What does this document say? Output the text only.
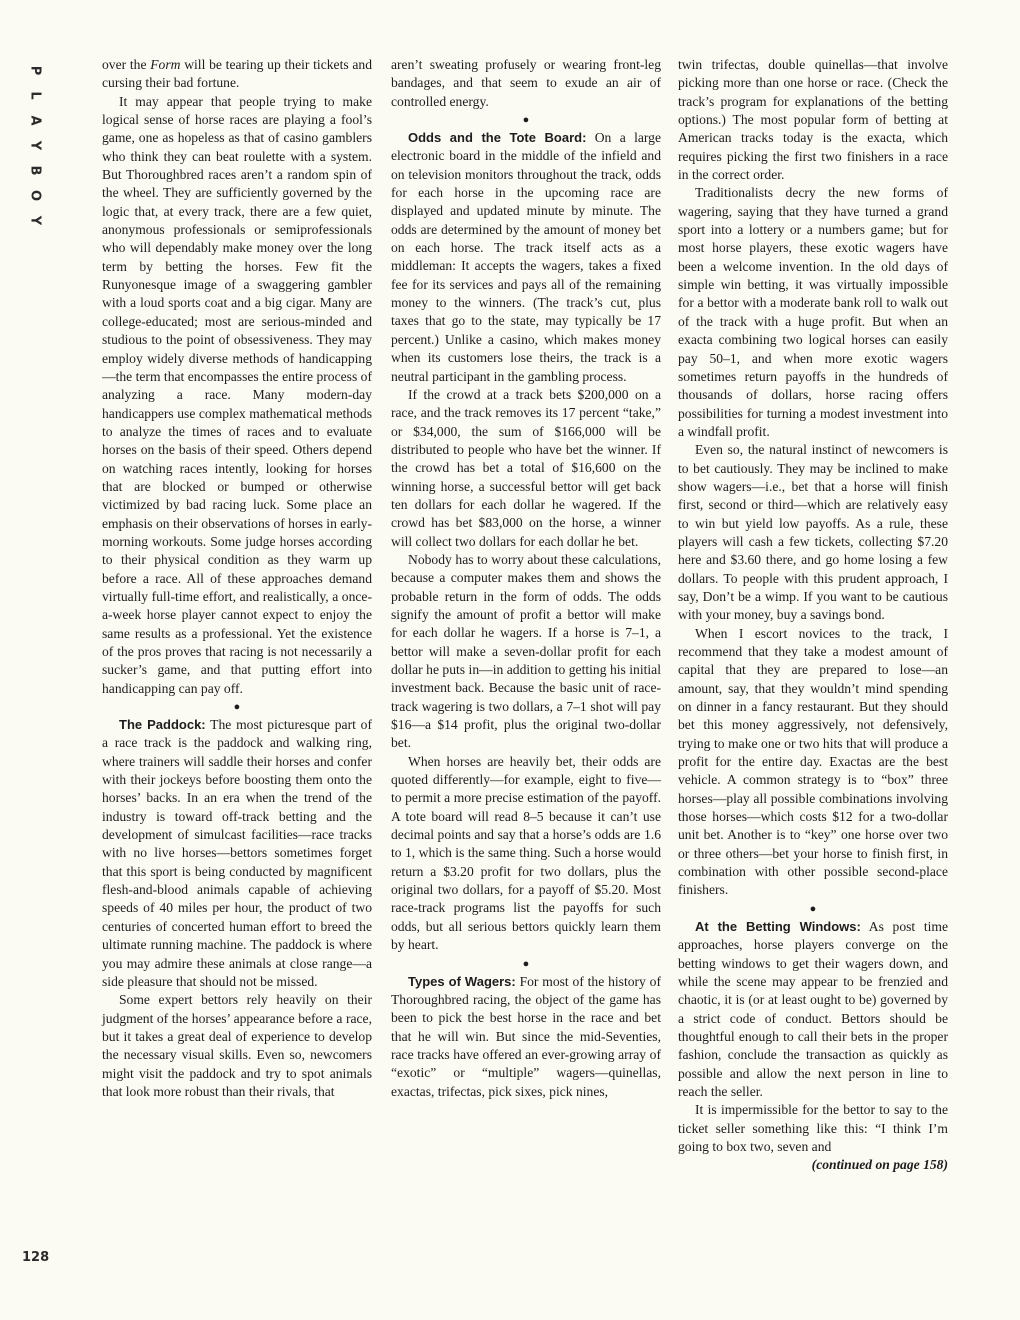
P
L
A
Y
B
O
Y

over the Form will be tearing up their tickets and cursing their bad fortune.

It may appear that people trying to make logical sense of horse races are playing a fool’s game, one as hopeless as that of casino gamblers who think they can beat roulette with a system. But Thoroughbred races aren’t a random spin of the wheel. They are sufficiently governed by the logic that, at every track, there are a few quiet, anonymous professionals or semiprofessionals who will dependably make money over the long term by betting the horses. Few fit the Runyonesque image of a swaggering gambler with a loud sports coat and a big cigar. Many are college-educated; most are serious-minded and studious to the point of obsessiveness. They may employ widely diverse methods of handicapping—the term that encompasses the entire process of analyzing a race. Many modern-day handicappers use complex mathematical methods to analyze the times of races and to evaluate horses on the basis of their speed. Others depend on watching races intently, looking for horses that are blocked or bumped or otherwise victimized by bad racing luck. Some place an emphasis on their observations of horses in early-morning workouts. Some judge horses according to their physical condition as they warm up before a race. All of these approaches demand virtually full-time effort, and realistically, a once-a-week horse player cannot expect to enjoy the same results as a professional. Yet the existence of the pros proves that racing is not necessarily a sucker’s game, and that putting effort into handicapping can pay off.

●

The Paddock: The most picturesque part of a race track is the paddock and walking ring, where trainers will saddle their horses and confer with their jockeys before boosting them onto the horses’ backs. In an era when the trend of the industry is toward off-track betting and the development of simulcast facilities—race tracks with no live horses—bettors sometimes forget that this sport is being conducted by magnificent flesh-and-blood animals capable of achieving speeds of 40 miles per hour, the product of two centuries of concerted human effort to breed the ultimate running machine. The paddock is where you may admire these animals at close range—a side pleasure that should not be missed.

Some expert bettors rely heavily on their judgment of the horses’ appearance before a race, but it takes a great deal of experience to develop the necessary visual skills. Even so, newcomers might visit the paddock and try to spot animals that look more robust than their rivals, that

aren’t sweating profusely or wearing front-leg bandages, and that seem to exude an air of controlled energy.

●

Odds and the Tote Board: On a large electronic board in the middle of the infield and on television monitors throughout the track, odds for each horse in the upcoming race are displayed and updated minute by minute. The odds are determined by the amount of money bet on each horse. The track itself acts as a middleman: It accepts the wagers, takes a fixed fee for its services and pays all of the remaining money to the winners. (The track’s cut, plus taxes that go to the state, may typically be 17 percent.) Unlike a casino, which makes money when its customers lose theirs, the track is a neutral participant in the gambling process.

If the crowd at a track bets $200,000 on a race, and the track removes its 17 percent “take,” or $34,000, the sum of $166,000 will be distributed to people who have bet the winner. If the crowd has bet a total of $16,600 on the winning horse, a successful bettor will get back ten dollars for each dollar he wagered. If the crowd has bet $83,000 on the horse, a winner will collect two dollars for each dollar he bet.

Nobody has to worry about these calculations, because a computer makes them and shows the probable return in the form of odds. The odds signify the amount of profit a bettor will make for each dollar he wagers. If a horse is 7–1, a bettor will make a seven-dollar profit for each dollar he puts in—in addition to getting his initial investment back. Because the basic unit of race-track wagering is two dollars, a 7–1 shot will pay $16—a $14 profit, plus the original two-dollar bet.

When horses are heavily bet, their odds are quoted differently—for example, eight to five—to permit a more precise estimation of the payoff. A tote board will read 8–5 because it can’t use decimal points and say that a horse’s odds are 1.6 to 1, which is the same thing. Such a horse would return a $3.20 profit for two dollars, plus the original two dollars, for a payoff of $5.20. Most race-track programs list the payoffs for such odds, but all serious bettors quickly learn them by heart.

●

Types of Wagers: For most of the history of Thoroughbred racing, the object of the game has been to pick the best horse in the race and bet that he will win. But since the mid-Seventies, race tracks have offered an ever-growing array of “exotic” or “multiple” wagers—quinellas, exactas, trifectas, pick sixes, pick nines,

twin trifectas, double quinellas—that involve picking more than one horse or race. (Check the track’s program for explanations of the betting options.) The most popular form of betting at American tracks today is the exacta, which requires picking the first two finishers in a race in the correct order.

Traditionalists decry the new forms of wagering, saying that they have turned a grand sport into a lottery or a numbers game; but for most horse players, these exotic wagers have been a welcome invention. In the old days of simple win betting, it was virtually impossible for a bettor with a moderate bank roll to walk out of the track with a huge profit. But when an exacta combining two logical horses can easily pay 50–1, and when more exotic wagers sometimes return payoffs in the hundreds of thousands of dollars, horse racing offers possibilities for turning a modest investment into a windfall profit.

Even so, the natural instinct of newcomers is to bet cautiously. They may be inclined to make show wagers—i.e., bet that a horse will finish first, second or third—which are relatively easy to win but yield low payoffs. As a rule, these players will cash a few tickets, collecting $7.20 here and $3.60 there, and go home losing a few dollars. To people with this prudent approach, I say, Don’t be a wimp. If you want to be cautious with your money, buy a savings bond.

When I escort novices to the track, I recommend that they take a modest amount of capital that they are prepared to lose—an amount, say, that they wouldn’t mind spending on dinner in a fancy restaurant. But they should bet this money aggressively, not defensively, trying to make one or two hits that will produce a profit for the entire day. Exactas are the best vehicle. A common strategy is to “box” three horses—play all possible combinations involving those horses—which costs $12 for a two-dollar unit bet. Another is to “key” one horse over two or three others—bet your horse to finish first, in combination with other possible second-place finishers.

●

At the Betting Windows: As post time approaches, horse players converge on the betting windows to get their wagers down, and while the scene may appear to be frenzied and chaotic, it is (or at least ought to be) governed by a strict code of conduct. Bettors should be thoughtful enough to call their bets in the proper fashion, conclude the transaction as quickly as possible and allow the next person in line to reach the seller.

It is impermissible for the bettor to say to the ticket seller something like this: “I think I’m going to box two, seven and

(continued on page 158)
128
